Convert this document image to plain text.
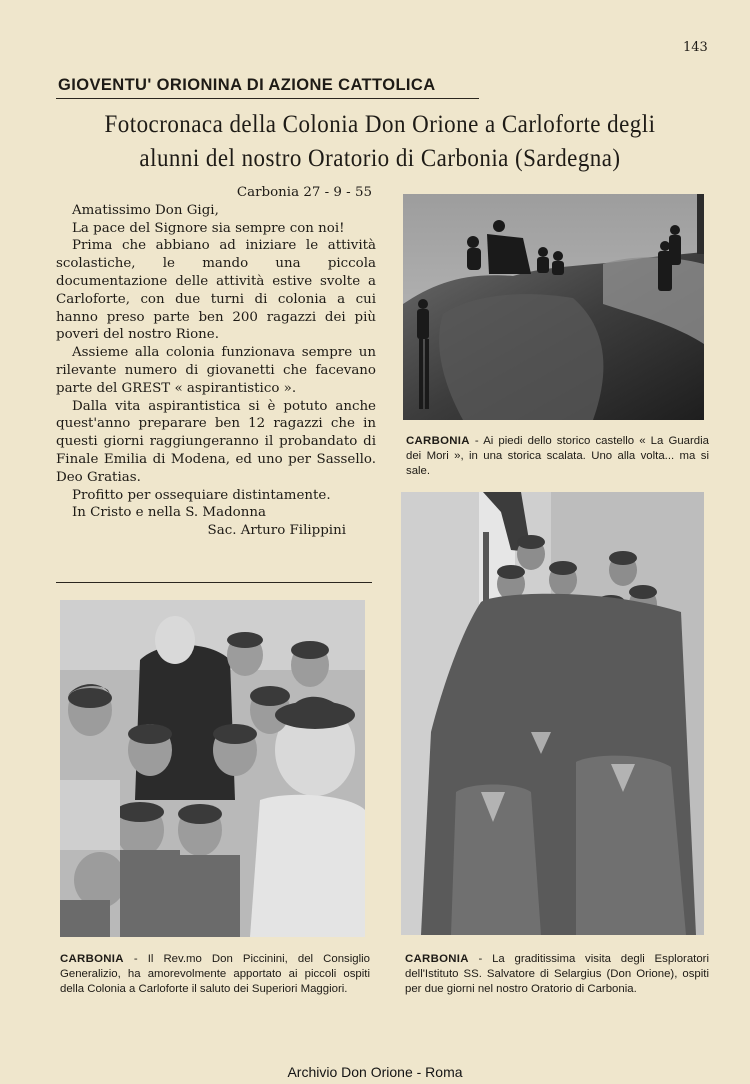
143
GIOVENTU' ORIONINA DI AZIONE CATTOLICA
Fotocronaca della Colonia Don Orione a Carloforte degli
alunni del nostro Oratorio di Carbonia (Sardegna)
Carbonia 27 - 9 - 55

Amatissimo Don Gigi,

La pace del Signore sia sempre con noi!

Prima che abbiano ad iniziare le attività scolastiche, le mando una piccola documentazione delle attività estive svolte a Carloforte, con due turni di colonia a cui hanno preso parte ben 200 ragazzi dei più poveri del nostro Rione.

Assieme alla colonia funzionava sempre un rilevante numero di giovanetti che facevano parte del GREST « aspirantistico ».

Dalla vita aspirantistica si è potuto anche quest'anno preparare ben 12 ragazzi che in questi giorni raggiungeranno il probandato di Finale Emilia di Modena, ed uno per Sassello. Deo Gratias.

Profitto per ossequiare distintamente.

In Cristo e nella S. Madonna

Sac. Arturo Filippini
CARBONIA - Ai piedi dello storico castello « La Guardia dei Mori », in una storica scalata. Uno alla volta... ma si sale.
CARBONIA - Il Rev.mo Don Piccinini, del Consiglio Generalizio, ha amorevolmente apportato ai piccoli ospiti della Colonia a Carloforte il saluto dei Superiori Maggiori.
CARBONIA - La graditissima visita degli Esploratori dell'Istituto SS. Salvatore di Selargius (Don Orione), ospiti per due giorni nel nostro Oratorio di Carbonia.
Archivio Don Orione - Roma
